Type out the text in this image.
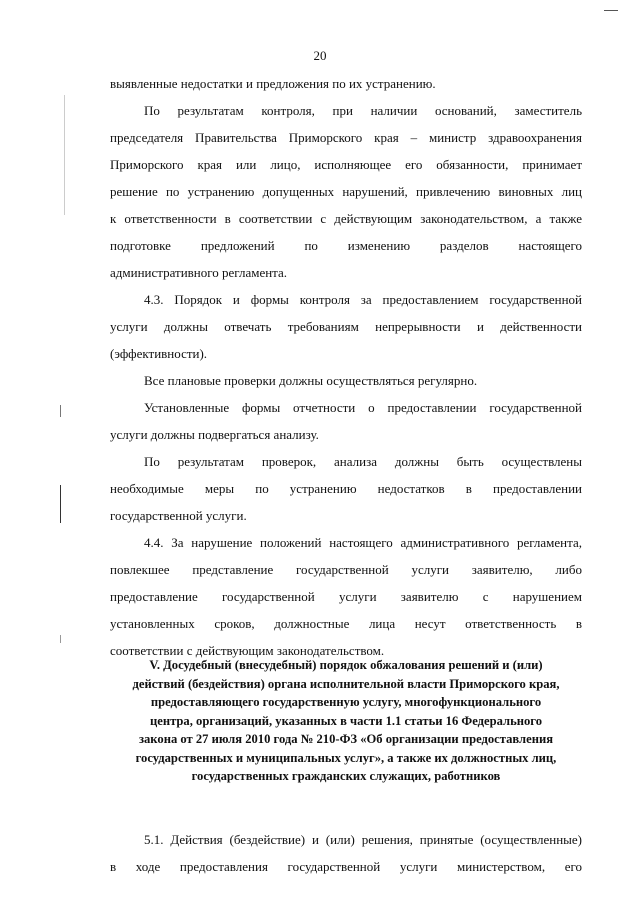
20
выявленные недостатки и предложения по их устранению.
По результатам контроля, при наличии оснований, заместитель
председателя Правительства Приморского края – министр здравоохранения
Приморского края или лицо, исполняющее его обязанности, принимает
решение по устранению допущенных нарушений, привлечению виновных лиц
к ответственности в соответствии с действующим законодательством, а также
подготовке предложений по изменению разделов настоящего
административного регламента.
4.3. Порядок и формы контроля за предоставлением государственной
услуги должны отвечать требованиям непрерывности и действенности
(эффективности).
Все плановые проверки должны осуществляться регулярно.
Установленные формы отчетности о предоставлении государственной
услуги должны подвергаться анализу.
По результатам проверок, анализа должны быть осуществлены
необходимые меры по устранению недостатков в предоставлении
государственной услуги.
4.4. За нарушение положений настоящего административного регламента,
повлекшее представление государственной услуги заявителю, либо
предоставление государственной услуги заявителю с нарушением
установленных сроков, должностные лица несут ответственность в
соответствии с действующим законодательством.
V. Досудебный (внесудебный) порядок обжалования решений и (или)
действий (бездействия) органа исполнительной власти Приморского края,
предоставляющего государственную услугу, многофункционального
центра, организаций, указанных в части 1.1 статьи 16 Федерального
закона от 27 июля 2010 года № 210-ФЗ «Об организации предоставления
государственных и муниципальных услуг», а также их должностных лиц,
государственных гражданских служащих, работников
5.1. Действия (бездействие) и (или) решения, принятые (осуществленные)
в ходе предоставления государственной услуги министерством, его
